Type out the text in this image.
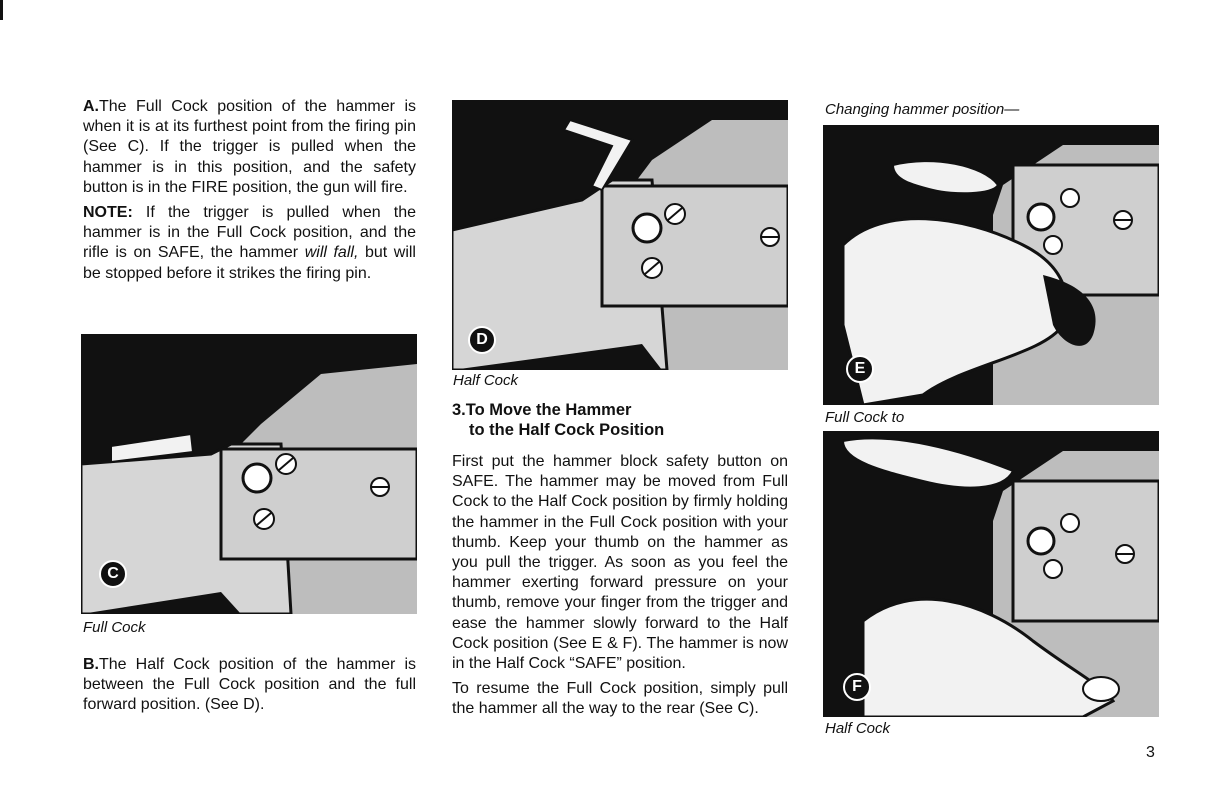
A.The Full Cock position of the hammer is when it is at its furthest point from the firing pin (See C). If the trigger is pulled when the hammer is in this position, and the safety button is in the FIRE position, the gun will fire.

NOTE: If the trigger is pulled when the hammer is in the Full Cock position, and the rifle is on SAFE, the hammer will fall, but will be stopped before it strikes the firing pin.

C
Full Cock

B.The Half Cock position of the hammer is between the Full Cock position and the full forward position. (See D).

D
Half Cock
3.To Move the Hammer
to the Half Cock Position

First put the hammer block safety button on SAFE. The hammer may be moved from Full Cock to the Half Cock position by firmly holding the hammer in the Full Cock position with your thumb. Keep your thumb on the hammer as you pull the trigger. As soon as you feel the hammer exerting forward pressure on your thumb, remove your finger from the trigger and ease the hammer slowly forward to the Half Cock position (See E & F). The hammer is now in the Half Cock “SAFE” position.

To resume the Full Cock position, simply pull the hammer all the way to the rear (See C).

Changing hammer position—
E
Full Cock to
F
Half Cock
3
